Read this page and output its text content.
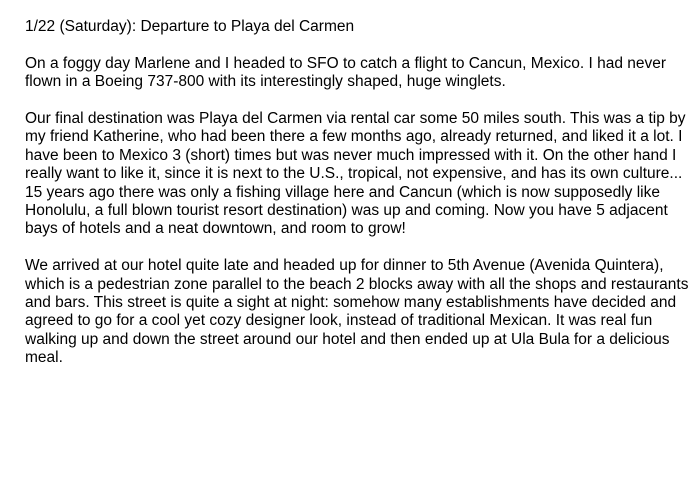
1/22 (Saturday): Departure to Playa del Carmen

On a foggy day Marlene and I headed to SFO to catch a flight to Cancun, Mexico. I had never flown in a Boeing 737-800 with its interestingly shaped, huge winglets.

Our final destination was Playa del Carmen via rental car some 50 miles south. This was a tip by my friend Katherine, who had been there a few months ago, already returned, and liked it a lot. I have been to Mexico 3 (short) times but was never much impressed with it. On the other hand I really want to like it, since it is next to the U.S., tropical, not expensive, and has its own culture... 15 years ago there was only a fishing village here and Cancun (which is now supposedly like Honolulu, a full blown tourist resort destination) was up and coming. Now you have 5 adjacent bays of hotels and a neat downtown, and room to grow!

We arrived at our hotel quite late and headed up for dinner to 5th Avenue (Avenida Quintera), which is a pedestrian zone parallel to the beach 2 blocks away with all the shops and restaurants and bars. This street is quite a sight at night: somehow many establishments have decided and agreed to go for a cool yet cozy designer look, instead of traditional Mexican. It was real fun walking up and down the street around our hotel and then ended up at Ula Bula for a delicious meal.
